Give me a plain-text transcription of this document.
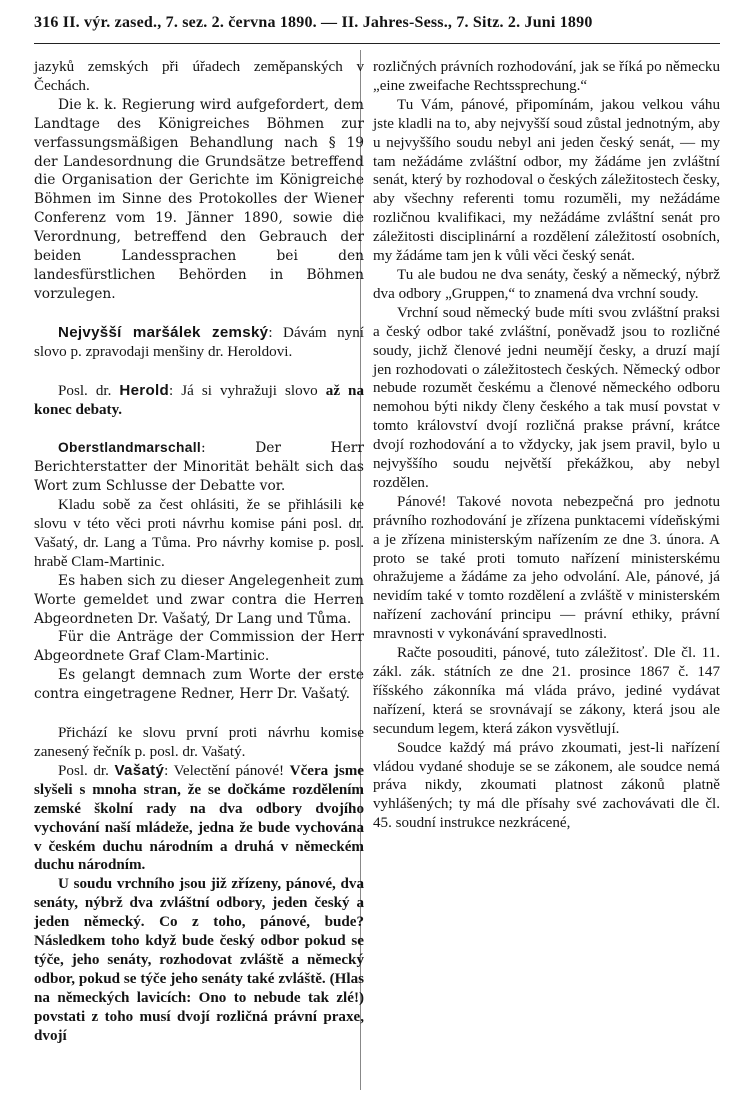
316 II. výr. zased., 7. sez. 2. června 1890. — II. Jahres-Sess., 7. Sitz. 2. Juni 1890

jazyků zemských při úřadech zeměpanských v Čechách.

Die k. k. Regierung wird aufgefordert, dem Landtage des Königreiches Böhmen zur verfassungsmäßigen Behandlung nach § 19 der Landesordnung die Grundsätze betreffend die Organisation der Gerichte im Königreiche Böhmen im Sinne des Protokolles der Wiener Conferenz vom 19. Jänner 1890, sowie die Verordnung, betreffend den Gebrauch der beiden Landessprachen bei den landesfürstlichen Behörden in Böhmen vorzulegen.

Nejvyšší maršálek zemský: Dávám nyní slovo p. zpravodaji menšiny dr. Heroldovi.

Posl. dr. Herold: Já si vyhražuji slovo až na konec debaty.

Oberstlandmarschall: Der Herr Berichterstatter der Minorität behält sich das Wort zum Schlusse der Debatte vor.

Kladu sobě za čest ohlásiti, že se přihlásili ke slovu v této věci proti návrhu komise páni posl. dr. Vašatý, dr. Lang a Tůma. Pro návrhy komise p. posl. hrabě Clam-Martinic.

Es haben sich zu dieser Angelegenheit zum Worte gemeldet und zwar contra die Herren Abgeordneten Dr. Vašatý, Dr Lang und Tůma.

Für die Anträge der Commission der Herr Abgeordnete Graf Clam-Martinic.

Es gelangt demnach zum Worte der erste contra eingetragene Redner, Herr Dr. Vašatý.

Přichází ke slovu první proti návrhu komise zanesený řečník p. posl. dr. Vašatý.

Posl. dr. Vašatý: Velectění pánové! Včera jsme slyšeli s mnoha stran, že se dočkáme rozdělením zemské školní rady na dva odbory dvojího vychování naší mládeže, jedna že bude vychována v českém duchu národním a druhá v německém duchu národním.

U soudu vrchního jsou již zřízeny, pánové, dva senáty, nýbrž dva zvláštní odbory, jeden český a jeden německý. Co z toho, pánové, bude? Následkem toho když bude český odbor pokud se týče, jeho senáty, rozhodovat zvláště a německý odbor, pokud se týče jeho senáty také zvláště. (Hlas na německých lavicích: Ono to nebude tak zlé!) povstati z toho musí dvojí rozličná právní praxe, dvojí

rozličných právních rozhodování, jak se říká po německu „eine zweifache Rechtssprechung.“

Tu Vám, pánové, připomínám, jakou velkou váhu jste kladli na to, aby nejvyšší soud zůstal jednotným, aby u nejvyššího soudu nebyl ani jeden český senát, — my tam nežádáme zvláštní odbor, my žádáme jen zvláštní senát, který by rozhodoval o českých záležitostech česky, aby všechny referenti tomu rozuměli, my nežádáme rozličnou kvalifikaci, my nežádáme zvláštní senát pro záležitosti disciplinární a rozdělení záležitostí osobních, my žádáme tam jen k vůli věci český senát.

Tu ale budou ne dva senáty, český a německý, nýbrž dva odbory „Gruppen,“ to znamená dva vrchní soudy.

Vrchní soud německý bude míti svou zvláštní praksi a český odbor také zvláštní, poněvadž jsou to rozličné soudy, jichž členové jedni neumějí česky, a druzí mají jen rozhodovati o záležitostech českých. Německý odbor nebude rozumět českému a členové německého odboru nemohou býti nikdy členy českého a tak musí povstat v tomto království dvojí rozličná prakse právní, krátce dvojí rozhodování a to vždycky, jak jsem pravil, bylo u nejvyššího soudu největší překážkou, aby nebyl rozdělen.

Pánové! Takové novota nebezpečná pro jednotu právního rozhodování je zřízena punktacemi vídeňskými a je zřízena ministerským nařízením ze dne 3. února. A proto se také proti tomuto nařízení ministerskému ohražujeme a žádáme za jeho odvolání. Ale, pánové, já nevidím také v tomto rozdělení a zvláště v ministerském nařízení zachování principu — právní ethiky, právní mravnosti v vykonávání spravedlnosti.

Račte posouditi, pánové, tuto záležitosť. Dle čl. 11. zákl. zák. státních ze dne 21. prosince 1867 č. 147 říšského zákonníka má vláda právo, jediné vydávat nařízení, která se srovnávají se zákony, která jsou ale secundum legem, která zákon vysvětlují.

Soudce každý má právo zkoumati, jest-li nařízení vládou vydané shoduje se se zákonem, ale soudce nemá práva nikdy, zkoumati platnost zákonů platně vyhlášených; ty má dle přísahy své zachovávati dle čl. 45. soudní instrukce nezkrácené,
